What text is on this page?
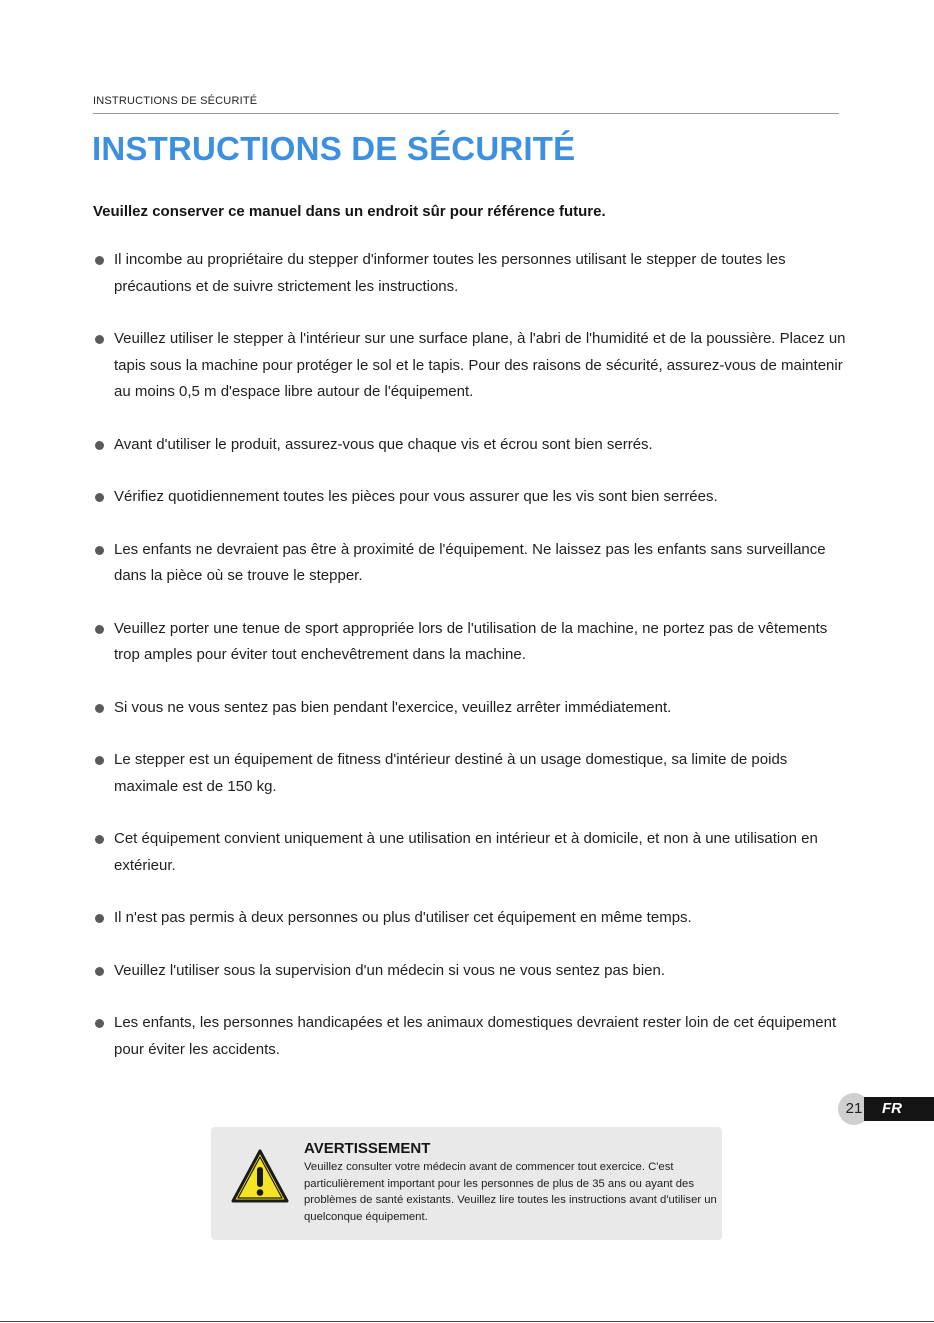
INSTRUCTIONS DE SÉCURITÉ
INSTRUCTIONS DE SÉCURITÉ
Veuillez conserver ce manuel dans un endroit sûr pour référence future.
Il incombe au propriétaire du stepper d'informer toutes les personnes utilisant le stepper de toutes les précautions et de suivre strictement les instructions.
Veuillez utiliser le stepper à l'intérieur sur une surface plane, à l'abri de l'humidité et de la poussière. Placez un tapis sous la machine pour protéger le sol et le tapis. Pour des raisons de sécurité, assurez-vous de maintenir au moins 0,5 m d'espace libre autour de l'équipement.
Avant d'utiliser le produit, assurez-vous que chaque vis et écrou sont bien serrés.
Vérifiez quotidiennement toutes les pièces pour vous assurer que les vis sont bien serrées.
Les enfants ne devraient pas être à proximité de l'équipement. Ne laissez pas les enfants sans surveillance dans la pièce où se trouve le stepper.
Veuillez porter une tenue de sport appropriée lors de l'utilisation de la machine, ne portez pas de vêtements trop amples pour éviter tout enchevêtrement dans la machine.
Si vous ne vous sentez pas bien pendant l'exercice, veuillez arrêter immédiatement.
Le stepper est un équipement de fitness d'intérieur destiné à un usage domestique, sa limite de poids maximale est de 150 kg.
Cet équipement convient uniquement à une utilisation en intérieur et à domicile, et non à une utilisation en extérieur.
Il n'est pas permis à deux personnes ou plus d'utiliser cet équipement en même temps.
Veuillez l'utiliser sous la supervision d'un médecin si vous ne vous sentez pas bien.
Les enfants, les personnes handicapées et les animaux domestiques devraient rester loin de cet équipement pour éviter les accidents.
21	FR
AVERTISSEMENT
Veuillez consulter votre médecin avant de commencer tout exercice. C'est particulièrement important pour les personnes de plus de 35 ans ou ayant des problèmes de santé existants. Veuillez lire toutes les instructions avant d'utiliser un quelconque équipement.
